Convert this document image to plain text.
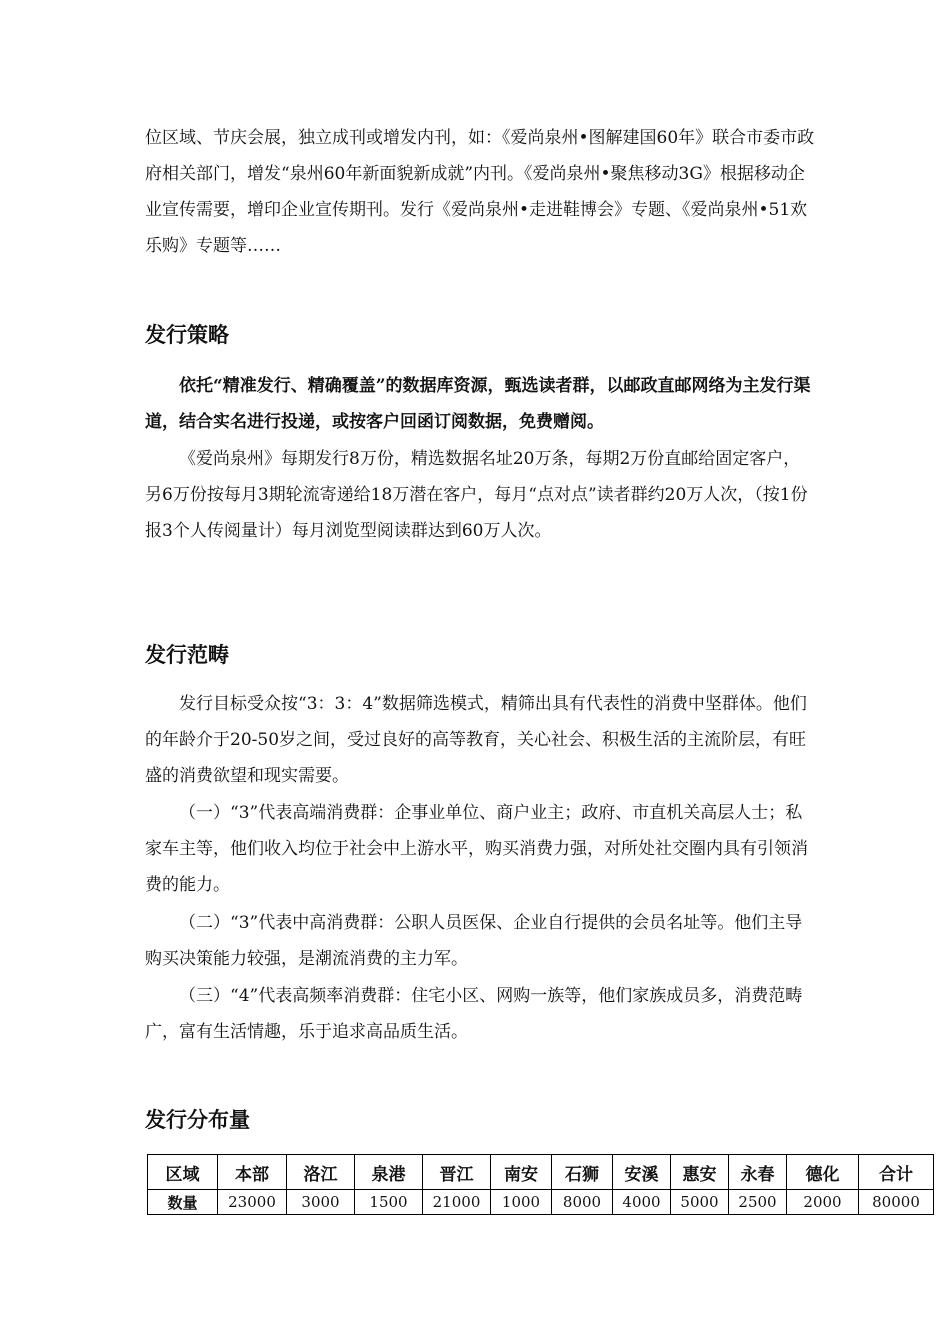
位区域、节庆会展，独立成刊或增发内刊，如：《爱尚泉州•图解建国60年》联合市委市政府相关部门，增发“泉州60年新面貌新成就”内刊。《爱尚泉州•聚焦移动3G》根据移动企业宣传需要，增印企业宣传期刊。发行《爱尚泉州•走进鞋博会》专题、《爱尚泉州•51欢乐购》专题等……

发行策略

依托“精准发行、精确覆盖”的数据库资源，甄选读者群，以邮政直邮网络为主发行渠道，结合实名进行投递，或按客户回函订阅数据，免费赠阅。

《爱尚泉州》每期发行8万份，精选数据名址20万条，每期2万份直邮给固定客户，另6万份按每月3期轮流寄递给18万潜在客户，每月“点对点”读者群约20万人次，（按1份报3个人传阅量计）每月浏览型阅读群达到60万人次。

发行范畴

发行目标受众按“3：3：4”数据筛选模式，精筛出具有代表性的消费中坚群体。他们的年龄介于20-50岁之间，受过良好的高等教育，关心社会、积极生活的主流阶层，有旺盛的消费欲望和现实需要。

（一）“3”代表高端消费群：企事业单位、商户业主；政府、市直机关高层人士；私家车主等，他们收入均位于社会中上游水平，购买消费力强，对所处社交圈内具有引领消费的能力。

（二）“3”代表中高消费群：公职人员医保、企业自行提供的会员名址等。他们主导购买决策能力较强，是潮流消费的主力军。

（三）“4”代表高频率消费群：住宅小区、网购一族等，他们家族成员多，消费范畴广，富有生活情趣，乐于追求高品质生活。

发行分布量
区域	本部	洛江	泉港	晋江	南安	石狮	安溪	惠安	永春	德化	合计
数量	23000	3000	1500	21000	1000	8000	4000	5000	2500	2000	80000
